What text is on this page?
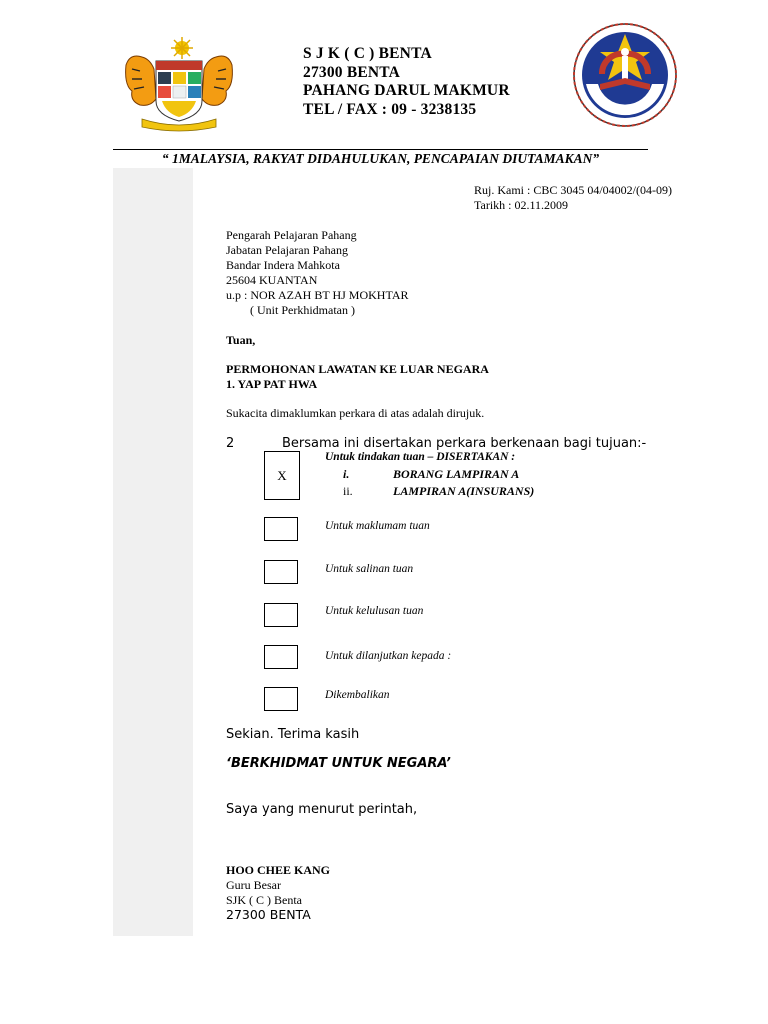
S J K ( C ) BENTA
27300 BENTA
PAHANG DARUL MAKMUR
TEL / FAX : 09 - 3238135
“ 1MALAYSIA, RAKYAT DIDAHULUKAN, PENCAPAIAN DIUTAMAKAN”
Ruj. Kami : CBC 3045 04/04002/(04-09)
Tarikh : 02.11.2009
Pengarah Pelajaran Pahang
Jabatan Pelajaran Pahang
Bandar Indera Mahkota
25604 KUANTAN
u.p : NOR AZAH BT HJ MOKHTAR
( Unit Perkhidmatan )
Tuan,
PERMOHONAN LAWATAN KE LUAR NEGARA
1. YAP PAT HWA
Sukacita dimaklumkan perkara di atas adalah dirujuk.
2	Bersama ini disertakan perkara berkenaan bagi tujuan:-
X
Untuk tindakan tuan – DISERTAKAN :
i.	BORANG LAMPIRAN A
ii.	LAMPIRAN A(INSURANS)
Untuk maklumam tuan
Untuk salinan tuan
Untuk kelulusan tuan
Untuk dilanjutkan kepada :
Dikembalikan
Sekian. Terima kasih
‘BERKHIDMAT UNTUK NEGARA’
Saya yang menurut perintah,
HOO CHEE KANG
Guru Besar
SJK ( C ) Benta
27300 BENTA
